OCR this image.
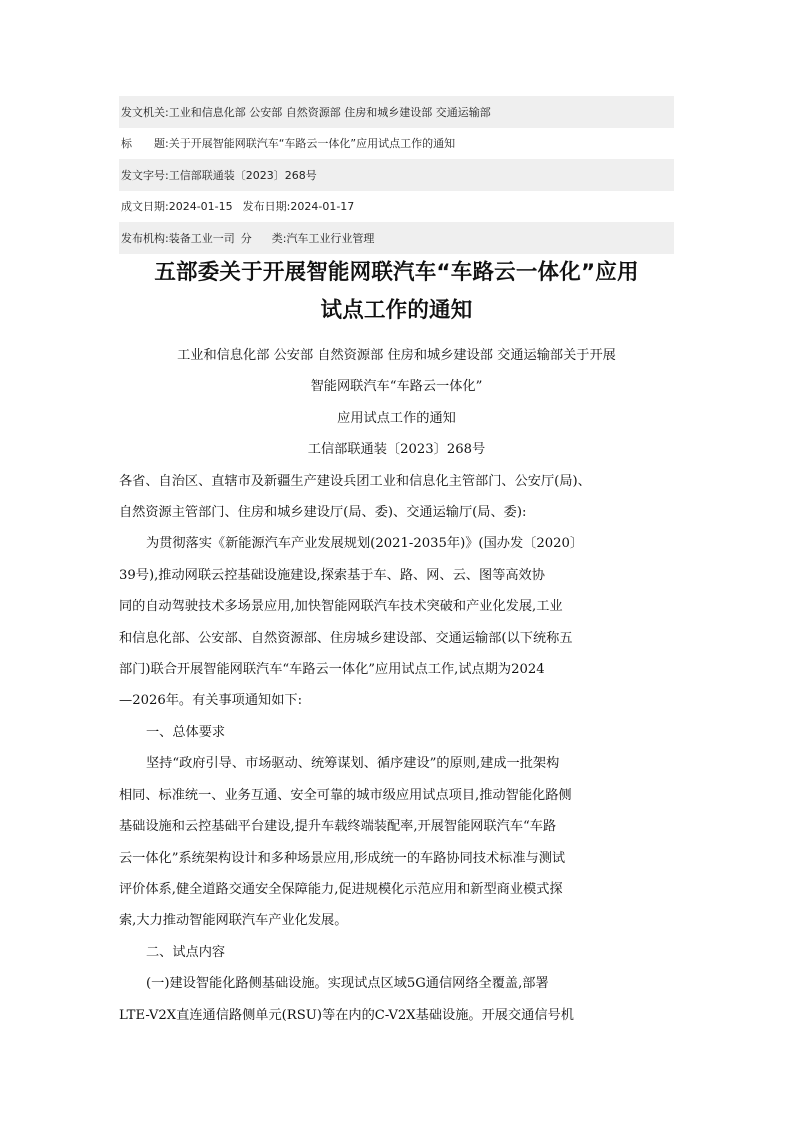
发文机关: 工业和信息化部 公安部 自然资源部 住房和城乡建设部 交通运输部
标 题: 关于开展智能网联汽车“车路云一体化”应用试点工作的通知
发文字号: 工信部联通装〔2023〕268号
成文日期: 2024-01-15 发布日期: 2024-01-17
发布机构: 装备工业一司 分 类: 汽车工业行业管理
五部委关于开展智能网联汽车“车路云一体化”应用
试点工作的通知
工业和信息化部 公安部 自然资源部 住房和城乡建设部 交通运输部关于开展
智能网联汽车“车路云一体化”
应用试点工作的通知
工信部联通装〔2023〕268号
各省、自治区、直辖市及新疆生产建设兵团工业和信息化主管部门、公安厅(局)、
自然资源主管部门、住房和城乡建设厅(局、委)、交通运输厅(局、委):
为贯彻落实《新能源汽车产业发展规划(2021-2035年)》(国办发〔2020〕
39号),推动网联云控基础设施建设,探索基于车、路、网、云、图等高效协
同的自动驾驶技术多场景应用,加快智能网联汽车技术突破和产业化发展,工业
和信息化部、公安部、自然资源部、住房城乡建设部、交通运输部(以下统称五
部门)联合开展智能网联汽车“车路云一体化”应用试点工作,试点期为2024
—2026年。有关事项通知如下:
一、总体要求
坚持“政府引导、市场驱动、统筹谋划、循序建设”的原则,建成一批架构
相同、标准统一、业务互通、安全可靠的城市级应用试点项目,推动智能化路侧
基础设施和云控基础平台建设,提升车载终端装配率,开展智能网联汽车“车路
云一体化”系统架构设计和多种场景应用,形成统一的车路协同技术标准与测试
评价体系,健全道路交通安全保障能力,促进规模化示范应用和新型商业模式探
索,大力推动智能网联汽车产业化发展。
二、试点内容
(一)建设智能化路侧基础设施。实现试点区域5G通信网络全覆盖,部署
LTE-V2X直连通信路侧单元(RSU)等在内的C-V2X基础设施。开展交通信号机
